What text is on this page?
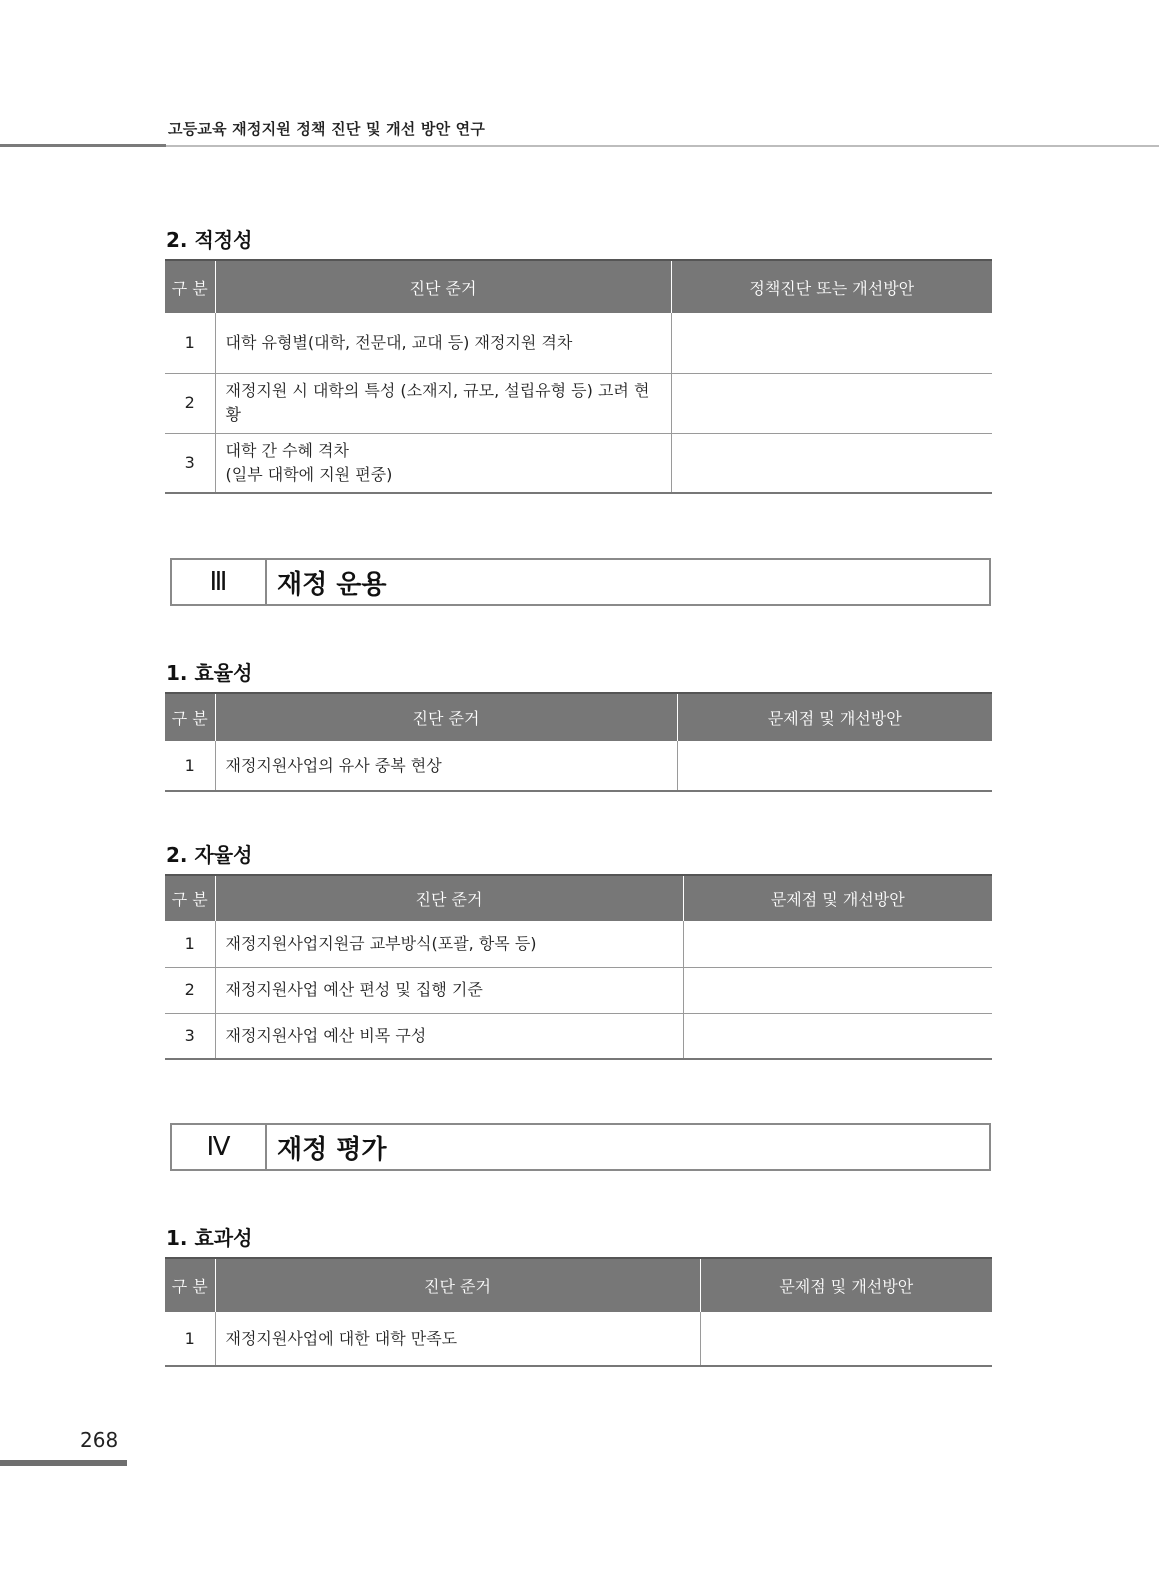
고등교육 재정지원 정책 진단 및 개선 방안 연구
2. 적정성
구 분	진단 준거	정책진단 또는 개선방안
1	대학 유형별(대학, 전문대, 교대 등) 재정지원 격차	
2	재정지원 시 대학의 특성 (소재지, 규모, 설립유형 등) 고려 현황	
3	대학 간 수혜 격차
(일부 대학에 지원 편중)	
Ⅲ	재정 운용
1. 효율성
구 분	진단 준거	문제점 및 개선방안
1	재정지원사업의 유사 중복 현상	
2. 자율성
구 분	진단 준거	문제점 및 개선방안
1	재정지원사업지원금 교부방식(포괄, 항목 등)	
2	재정지원사업 예산 편성 및 집행 기준	
3	재정지원사업 예산 비목 구성	
Ⅳ	재정 평가
1. 효과성
구 분	진단 준거	문제점 및 개선방안
1	재정지원사업에 대한 대학 만족도	
268
